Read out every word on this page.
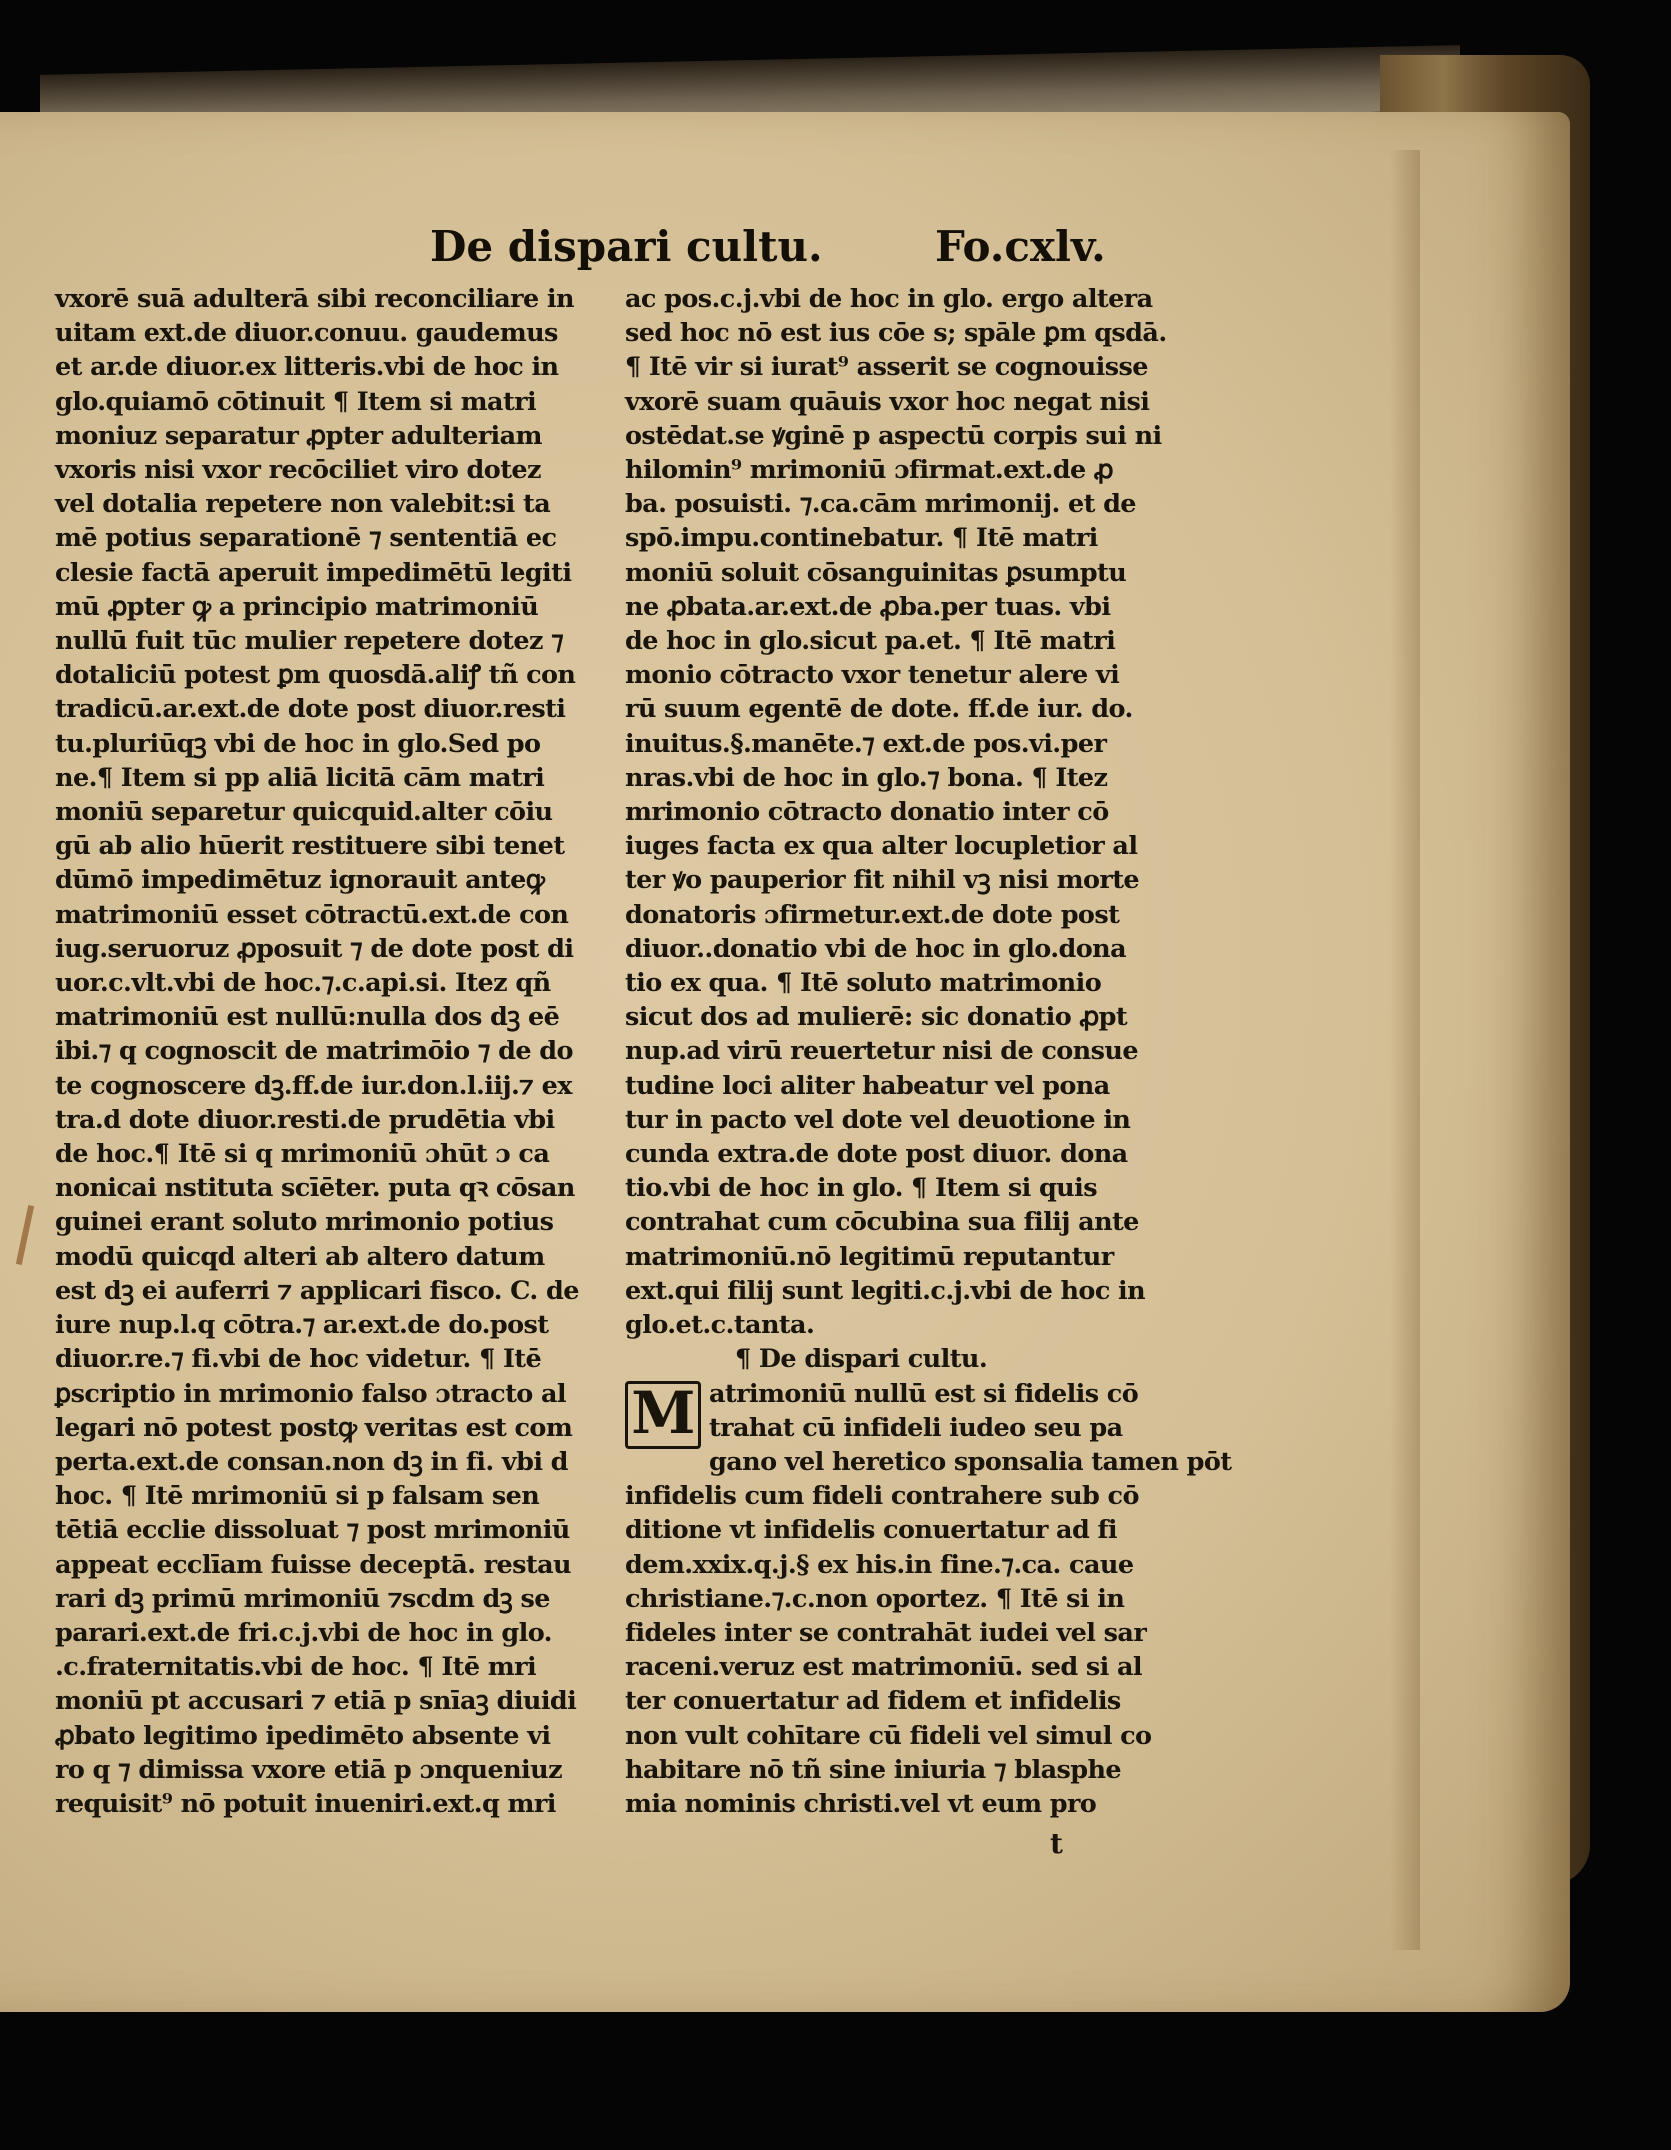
De dispari cultu.	Fo.cxlv.
vxorē suā adulterā sibi reconciliare in
uitam ext.de diuor.conuu. gaudemus
et ar.de diuor.ex litteris.vbi de hoc in
glo.quiamō cōtinuit ¶ Item si matri
moniuz separatur ꝓpter adulteriam
vxoris nisi vxor recōciliet viro dotez
vel dotalia repetere non valebit:si ta
mē potius separationē ⁊ sententiā ec
clesie factā aperuit impedimētū legiti
mū ꝓpter ꝙ a principio matrimoniū
nullū fuit tūc mulier repetere dotez ⁊
dotaliciū potest ꝑm quosdā.aliꝭ tñ con
tradicū.ar.ext.de dote post diuor.resti
tu.pluriūqꝫ vbi de hoc in glo.Sed po
ne.¶ Item si pp aliā licitā cām matri
moniū separetur quicquid.alter cōiu
gū ab alio hūerit restituere sibi tenet
dūmō impedimētuz ignorauit anteꝙ
matrimoniū esset cōtractū.ext.de con
iug.seruoruz ꝓposuit ⁊ de dote post di
uor.c.vlt.vbi de hoc.⁊.c.api.si. Itez qñ
matrimoniū est nullū:nulla dos dꝫ eē
ibi.⁊ q cognoscit de matrimōio ⁊ de do
te cognoscere dꝫ.ff.de iur.don.l.iij.⁊ ex
tra.d dote diuor.resti.de prudētia vbi
de hoc.¶ Itē si q mrimoniū ɔhūt ɔ ca
nonicai nstituta scīēter. puta qꝛ cōsan
guinei erant soluto mrimonio potius
modū quicqd alteri ab altero datum
est dꝫ ei auferri ⁊ applicari fisco. C. de
iure nup.l.q cōtra.⁊ ar.ext.de do.post
diuor.re.⁊ fi.vbi de hoc videtur. ¶ Itē
ꝑscriptio in mrimonio falso ɔtracto al
legari nō potest postꝙ veritas est com
perta.ext.de consan.non dꝫ in fi. vbi d
hoc. ¶ Itē mrimoniū si p falsam sen
tētiā ecclie dissoluat ⁊ post mrimoniū
appeat ecclīam fuisse deceptā. restau
rari dꝫ primū mrimoniū ⁊scdm dꝫ se
parari.ext.de fri.c.j.vbi de hoc in glo.
.c.fraternitatis.vbi de hoc. ¶ Itē mri
moniū pt accusari ⁊ etiā p snīaꝫ diuidi
ꝓbato legitimo ipedimēto absente vi
ro q ⁊ dimissa vxore etiā p ɔnqueniuz
requisit⁹ nō potuit inueniri.ext.q mri
ac pos.c.j.vbi de hoc in glo. ergo altera
sed hoc nō est ius cōe s; spāle ꝑm qsdā.
¶ Itē vir si iurat⁹ asserit se cognouisse
vxorē suam quāuis vxor hoc negat nisi
ostēdat.se ꝟginē p aspectū corpis sui ni
hilomin⁹ mrimoniū ɔfirmat.ext.de ꝓ
ba. posuisti. ⁊.ca.cām mrimonij. et de
spō.impu.continebatur. ¶ Itē matri
moniū soluit cōsanguinitas ꝑsumptu
ne ꝓbata.ar.ext.de ꝓba.per tuas. vbi
de hoc in glo.sicut pa.et. ¶ Itē matri
monio cōtracto vxor tenetur alere vi
rū suum egentē de dote. ff.de iur. do.
inuitus.§.manēte.⁊ ext.de pos.vi.per
nras.vbi de hoc in glo.⁊ bona. ¶ Itez
mrimonio cōtracto donatio inter cō
iuges facta ex qua alter locupletior al
ter ꝟo pauperior fit nihil vꝫ nisi morte
donatoris ɔfirmetur.ext.de dote post
diuor..donatio vbi de hoc in glo.dona
tio ex qua. ¶ Itē soluto matrimonio
sicut dos ad mulierē: sic donatio ꝓpt
nup.ad virū reuertetur nisi de consue
tudine loci aliter habeatur vel pona
tur in pacto vel dote vel deuotione in
cunda extra.de dote post diuor. dona
tio.vbi de hoc in glo. ¶ Item si quis
contrahat cum cōcubina sua filij ante
matrimoniū.nō legitimū reputantur
ext.qui filij sunt legiti.c.j.vbi de hoc in
glo.et.c.tanta.
¶ De dispari cultu.
M atrimoniū nullū est si fidelis cō
trahat cū infideli iudeo seu pa
gano vel heretico sponsalia tamen pōt
infidelis cum fideli contrahere sub cō
ditione vt infidelis conuertatur ad fi
dem.xxix.q.j.§ ex his.in fine.⁊.ca. caue
christiane.⁊.c.non oportez. ¶ Itē si in
fideles inter se contrahāt iudei vel sar
raceni.veruz est matrimoniū. sed si al
ter conuertatur ad fidem et infidelis
non vult cohītare cū fideli vel simul co
habitare nō tñ sine iniuria ⁊ blasphe
mia nominis christi.vel vt eum pro
t
